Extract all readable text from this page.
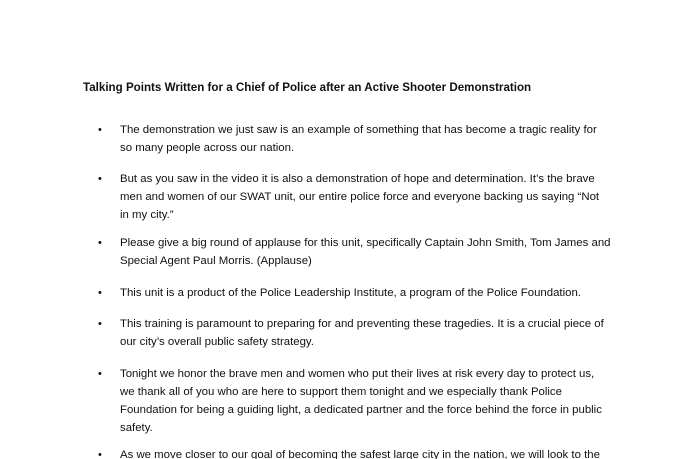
Talking Points Written for a Chief of Police after an Active Shooter Demonstration
• The demonstration we just saw is an example of something that has become a tragic reality for
so many people across our nation.
• But as you saw in the video it is also a demonstration of hope and determination. It’s the brave
men and women of our SWAT unit, our entire police force and everyone backing us saying “Not
in my city.”
• Please give a big round of applause for this unit, specifically Captain John Smith, Tom James and
Special Agent Paul Morris. (Applause)
• This unit is a product of the Police Leadership Institute, a program of the Police Foundation.
• This training is paramount to preparing for and preventing these tragedies. It is a crucial piece of
our city’s overall public safety strategy.
• Tonight we honor the brave men and women who put their lives at risk every day to protect us,
we thank all of you who are here to support them tonight and we especially thank Police
Foundation for being a guiding light, a dedicated partner and the force behind the force in public
safety.
• As we move closer to our goal of becoming the safest large city in the nation, we will look to the
